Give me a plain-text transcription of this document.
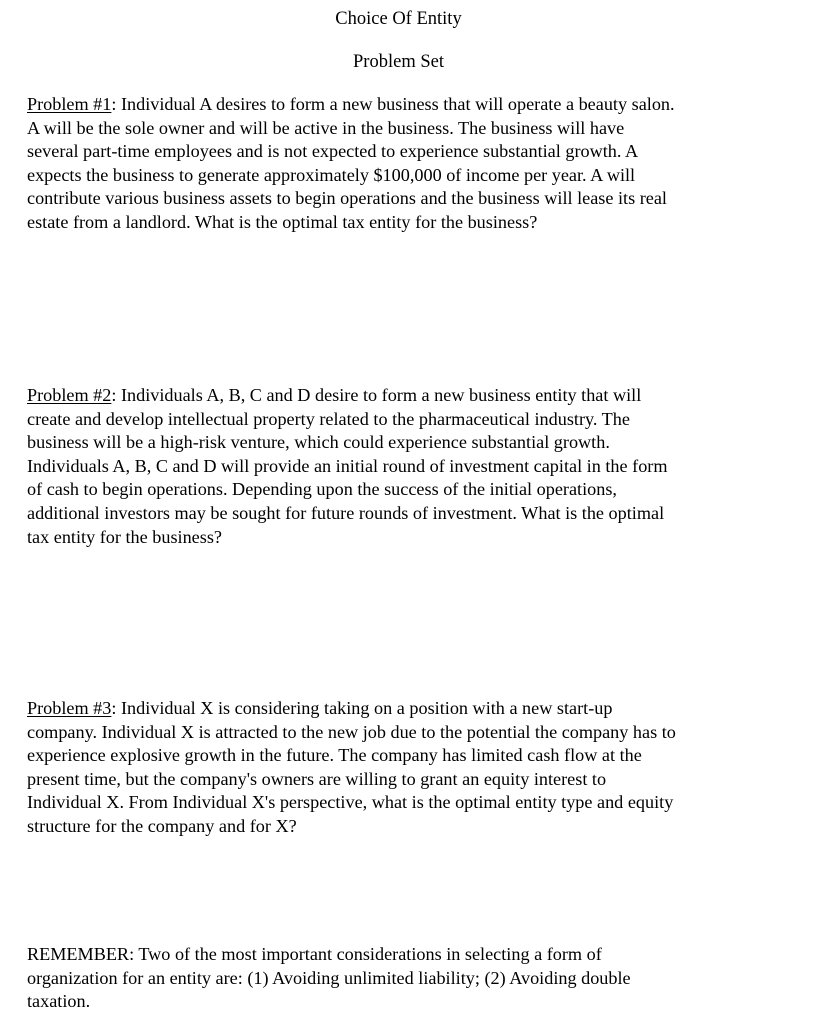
Choice Of Entity
Problem Set
Problem #1: Individual A desires to form a new business that will operate a beauty salon.
A will be the sole owner and will be active in the business. The business will have
several part-time employees and is not expected to experience substantial growth. A
expects the business to generate approximately $100,000 of income per year. A will
contribute various business assets to begin operations and the business will lease its real
estate from a landlord. What is the optimal tax entity for the business?
Problem #2: Individuals A, B, C and D desire to form a new business entity that will
create and develop intellectual property related to the pharmaceutical industry. The
business will be a high-risk venture, which could experience substantial growth.
Individuals A, B, C and D will provide an initial round of investment capital in the form
of cash to begin operations. Depending upon the success of the initial operations,
additional investors may be sought for future rounds of investment. What is the optimal
tax entity for the business?
Problem #3: Individual X is considering taking on a position with a new start-up
company. Individual X is attracted to the new job due to the potential the company has to
experience explosive growth in the future. The company has limited cash flow at the
present time, but the company's owners are willing to grant an equity interest to
Individual X. From Individual X's perspective, what is the optimal entity type and equity
structure for the company and for X?
REMEMBER: Two of the most important considerations in selecting a form of
organization for an entity are: (1) Avoiding unlimited liability; (2) Avoiding double
taxation.
